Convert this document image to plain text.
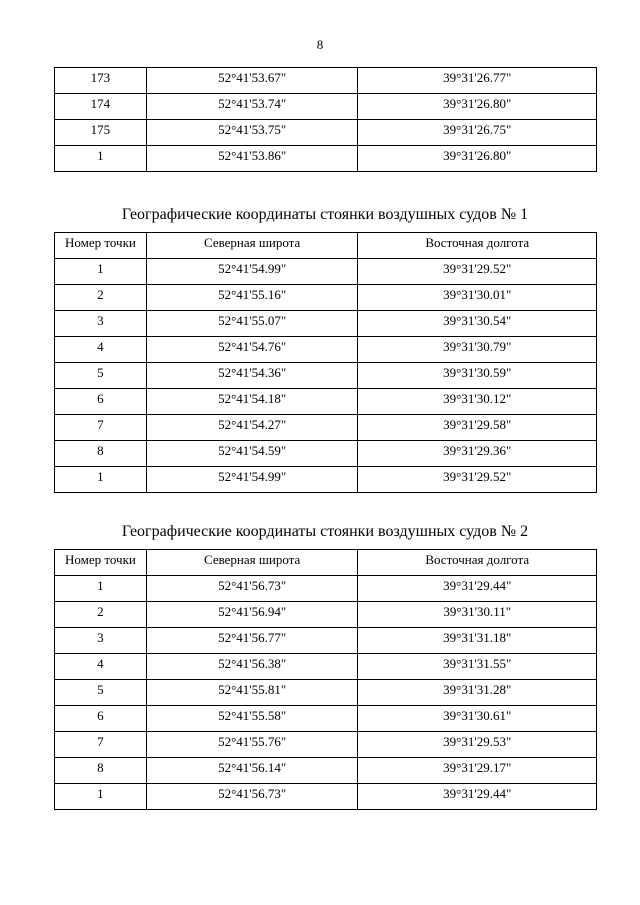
8
173	52°41'53.67"	39°31'26.77"
174	52°41'53.74"	39°31'26.80"
175	52°41'53.75"	39°31'26.75"
1	52°41'53.86"	39°31'26.80"
Географические координаты стоянки воздушных судов № 1
Номер точки	Северная широта	Восточная долгота
1	52°41'54.99"	39°31'29.52"
2	52°41'55.16"	39°31'30.01"
3	52°41'55.07"	39°31'30.54"
4	52°41'54.76"	39°31'30.79"
5	52°41'54.36"	39°31'30.59"
6	52°41'54.18"	39°31'30.12"
7	52°41'54.27"	39°31'29.58"
8	52°41'54.59"	39°31'29.36"
1	52°41'54.99"	39°31'29.52"
Географические координаты стоянки воздушных судов № 2
Номер точки	Северная широта	Восточная долгота
1	52°41'56.73"	39°31'29.44"
2	52°41'56.94"	39°31'30.11"
3	52°41'56.77"	39°31'31.18"
4	52°41'56.38"	39°31'31.55"
5	52°41'55.81"	39°31'31.28"
6	52°41'55.58"	39°31'30.61"
7	52°41'55.76"	39°31'29.53"
8	52°41'56.14"	39°31'29.17"
1	52°41'56.73"	39°31'29.44"
